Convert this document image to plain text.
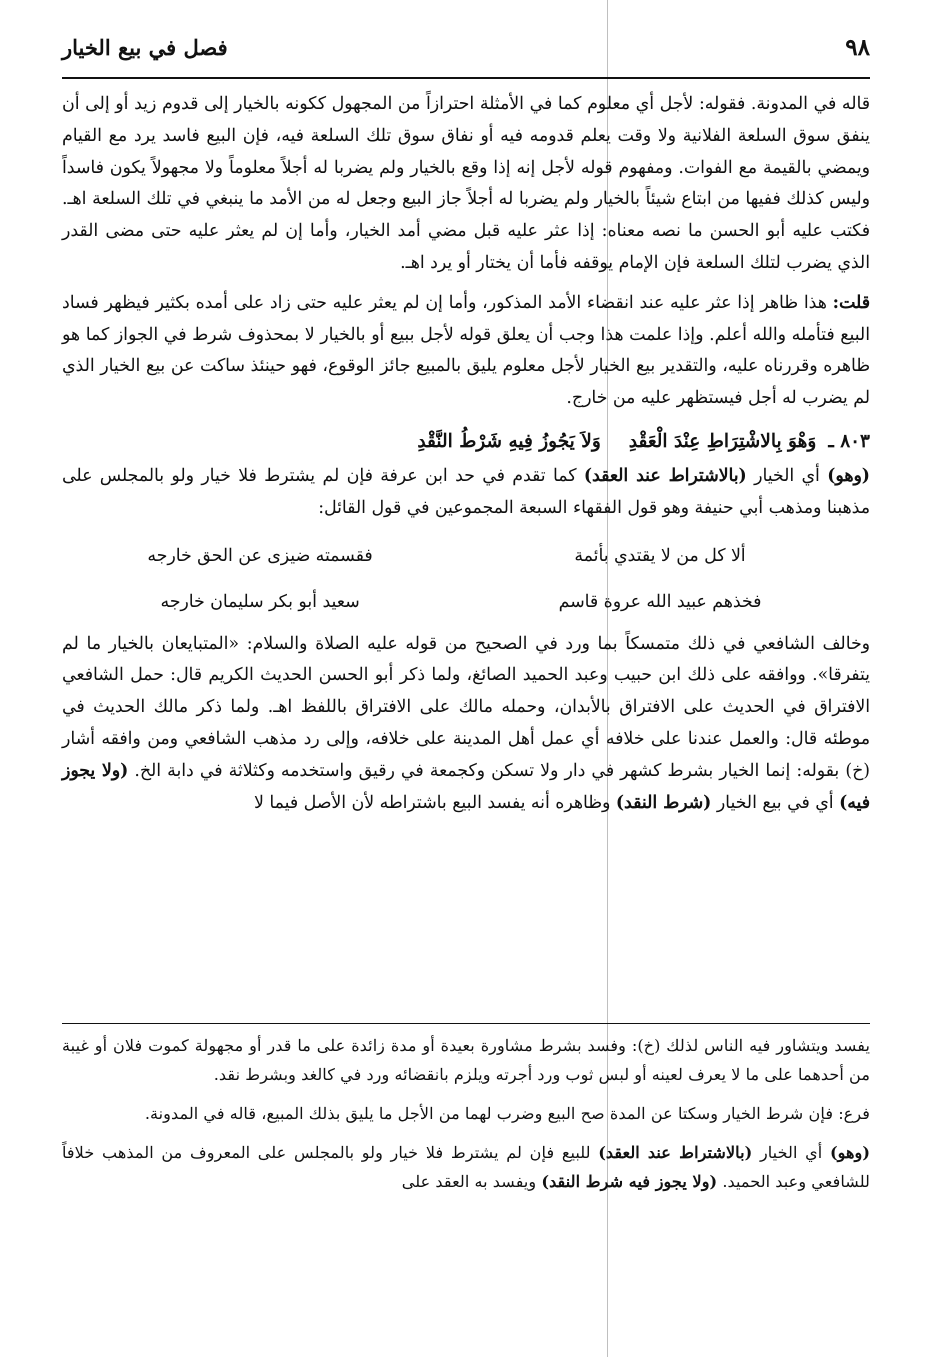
٩٨
فصل في بيع الخيار

قاله في المدونة. فقوله: لأجل أي معلوم كما في الأمثلة احترازاً من المجهول ككونه بالخيار إلى قدوم زيد أو إلى أن ينفق سوق السلعة الفلانية ولا وقت يعلم قدومه فيه أو نفاق سوق تلك السلعة فيه، فإن البيع فاسد يرد مع القيام ويمضي بالقيمة مع الفوات. ومفهوم قوله لأجل إنه إذا وقع بالخيار ولم يضربا له أجلاً معلوماً ولا مجهولاً يكون فاسداً وليس كذلك ففيها من ابتاع شيئاً بالخيار ولم يضربا له أجلاً جاز البيع وجعل له من الأمد ما ينبغي في تلك السلعة اهـ. فكتب عليه أبو الحسن ما نصه معناه: إذا عثر عليه قبل مضي أمد الخيار، وأما إن لم يعثر عليه حتى مضى القدر الذي يضرب لتلك السلعة فإن الإمام يوقفه فأما أن يختار أو يرد اهـ.

قلت: هذا ظاهر إذا عثر عليه عند انقضاء الأمد المذكور، وأما إن لم يعثر عليه حتى زاد على أمده بكثير فيظهر فساد البيع فتأمله والله أعلم. وإذا علمت هذا وجب أن يعلق قوله لأجل ببيع أو بالخيار لا بمحذوف شرط في الجواز كما هو ظاهره وقررناه عليه، والتقدير بيع الخيار لأجل معلوم يليق بالمبيع جائز الوقوع، فهو حينئذ ساكت عن بيع الخيار الذي لم يضرب له أجل فيستظهر عليه من خارج.

٨٠٣ ـ
وَهْوَ بِالاشْتِرَاطِ عِنْدَ الْعَقْدِ
وَلاَ يَجُوزُ فِيهِ شَرْطُ النَّقْدِ

(وهو) أي الخيار (بالاشتراط عند العقد) كما تقدم في حد ابن عرفة فإن لم يشترط فلا خيار ولو بالمجلس على مذهبنا ومذهب أبي حنيفة وهو قول الفقهاء السبعة المجموعين في قول القائل:

ألا كل من لا يقتدي بأئمة
فقسمته ضيزى عن الحق خارجه
فخذهم عبيد الله عروة قاسم
سعيد أبو بكر سليمان خارجه

وخالف الشافعي في ذلك متمسكاً بما ورد في الصحيح من قوله عليه الصلاة والسلام: «المتبايعان بالخيار ما لم يتفرقا». ووافقه على ذلك ابن حبيب وعبد الحميد الصائغ، ولما ذكر أبو الحسن الحديث الكريم قال: حمل الشافعي الافتراق في الحديث على الافتراق بالأبدان، وحمله مالك على الافتراق باللفظ اهـ. ولما ذكر مالك الحديث في موطئه قال: والعمل عندنا على خلافه أي عمل أهل المدينة على خلافه، وإلى رد مذهب الشافعي ومن وافقه أشار (خ) بقوله: إنما الخيار بشرط كشهر في دار ولا تسكن وكجمعة في رقيق واستخدمه وكثلاثة في دابة الخ. (ولا يجوز فيه) أي في بيع الخيار (شرط النقد) وظاهره أنه يفسد البيع باشتراطه لأن الأصل فيما لا

يفسد ويتشاور فيه الناس لذلك (خ): وفسد بشرط مشاورة بعيدة أو مدة زائدة على ما قدر أو مجهولة كموت فلان أو غيبة من أحدهما على ما لا يعرف لعينه أو لبس ثوب ورد أجرته ويلزم بانقضائه ورد في كالغد وبشرط نقد.

فرع: فإن شرط الخيار وسكتا عن المدة صح البيع وضرب لهما من الأجل ما يليق بذلك المبيع، قاله في المدونة.

(وهو) أي الخيار (بالاشتراط عند العقد) للبيع فإن لم يشترط فلا خيار ولو بالمجلس على المعروف من المذهب خلافاً للشافعي وعبد الحميد. (ولا يجوز فيه شرط النقد) ويفسد به العقد على
